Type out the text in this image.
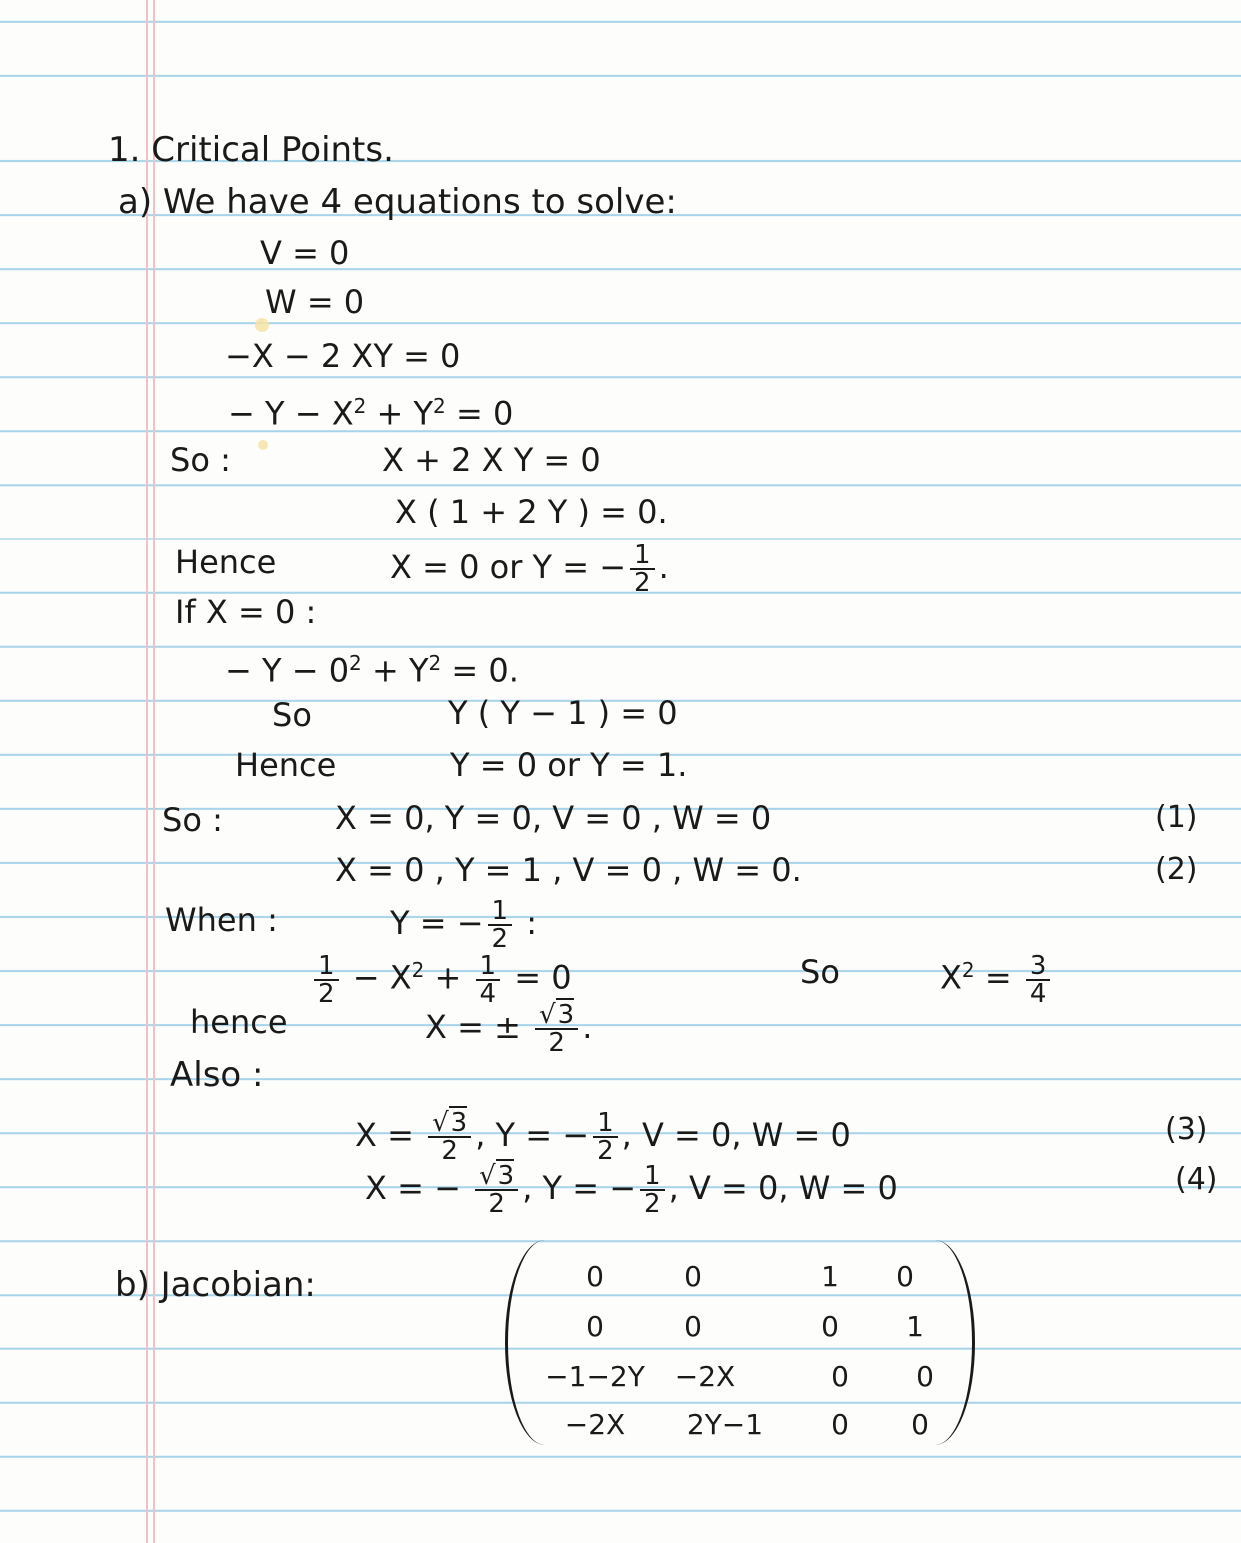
1. Critical Points.
a) We have 4 equations to solve:
V = 0
W = 0
−X − 2 XY = 0
− $Y - X^2 + Y^2 = 0$
So :	X + 2 X Y = 0
X ( 1 + 2 Y ) = 0.
Hence	X = 0 or Y = − $\frac{1}{2}$ .
If X = 0 :
− $Y - 0^2 + Y^2 = 0$.
So	Y ( Y − 1 ) = 0
Hence	Y = 0 or Y = 1.
So :	X = 0, Y = 0, V = 0 , W = 0	(1)
X = 0 , Y = 1 , V = 0 , W = 0.	(2)
When :	Y = − $\frac{1}{2}$ :
$\frac{1}{2} - X^2 + \frac{1}{4} = 0$	So	$X^2 = \frac{3}{4}$
hence	X = ± $\frac{√3}{2}$ .
Also :
$X = \frac{√3}{2}$ , Y = − $\frac{1}{2}$ , V = 0, W = 0	(3)
X = − $\frac{√3}{2}$ , Y = − $\frac{1}{2}$ , V = 0, W = 0	(4)
b) Jacobian:	0	0	1	0
0	0	0	1
−1−2Y	−2X	0	0
−2X	2Y−1	0	0
